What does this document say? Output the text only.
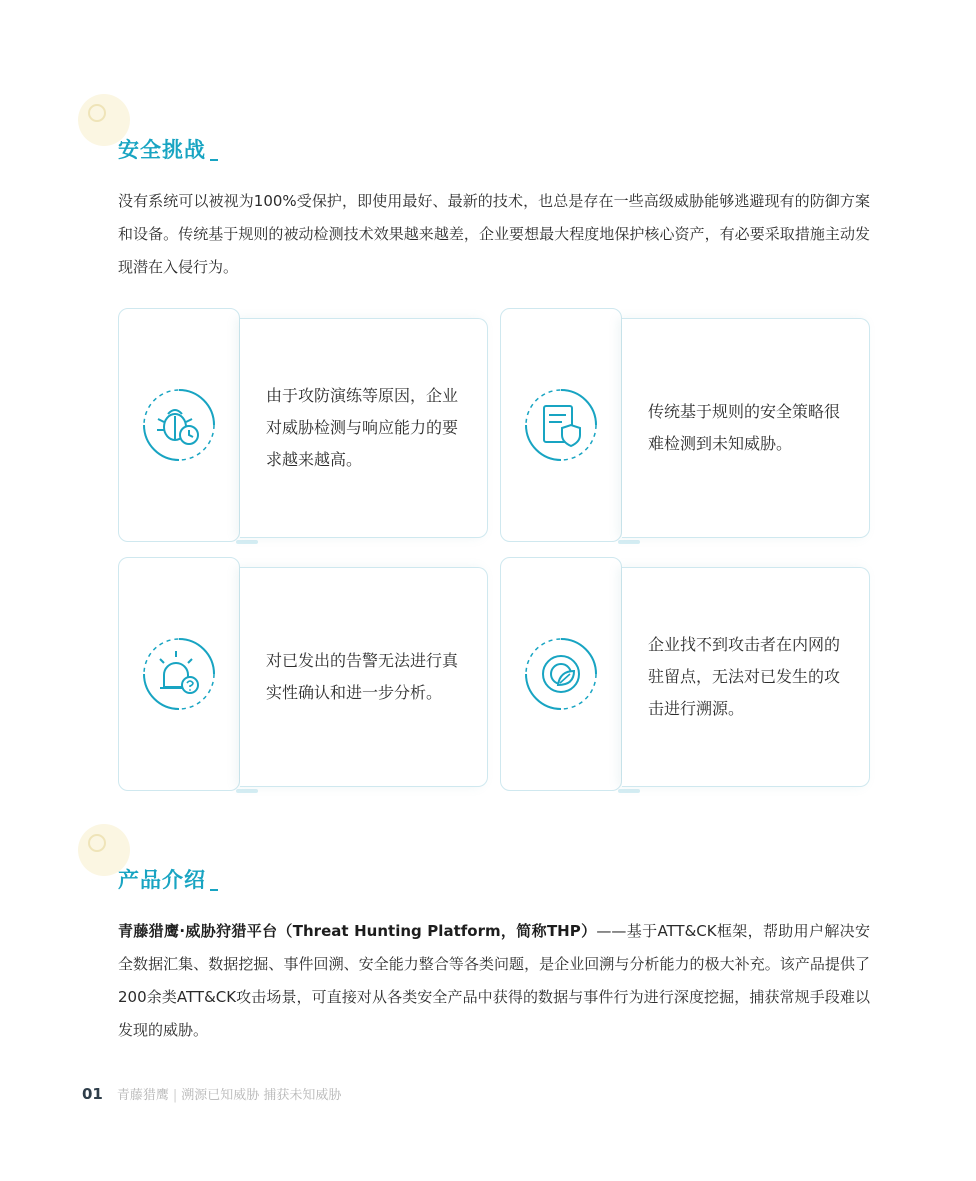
安全挑战

没有系统可以被视为100%受保护，即使用最好、最新的技术，也总是存在一些高级威胁能够逃避现有的防御方案和设备。传统基于规则的被动检测技术效果越来越差，企业要想最大程度地保护核心资产，有必要采取措施主动发现潜在入侵行为。

由于攻防演练等原因，企业对威胁检测与响应能力的要求越来越高。
传统基于规则的安全策略很难检测到未知威胁。
对已发出的告警无法进行真实性确认和进一步分析。
企业找不到攻击者在内网的驻留点，无法对已发生的攻击进行溯源。
产品介绍

青藤猎鹰·威胁狩猎平台（Threat Hunting Platform，简称THP）——基于ATT&CK框架，帮助用户解决安全数据汇集、数据挖掘、事件回溯、安全能力整合等各类问题，是企业回溯与分析能力的极大补充。该产品提供了200余类ATT&CK攻击场景，可直接对从各类安全产品中获得的数据与事件行为进行深度挖掘，捕获常规手段难以发现的威胁。

01 青藤猎鹰 | 溯源已知威胁 捕获未知威胁
